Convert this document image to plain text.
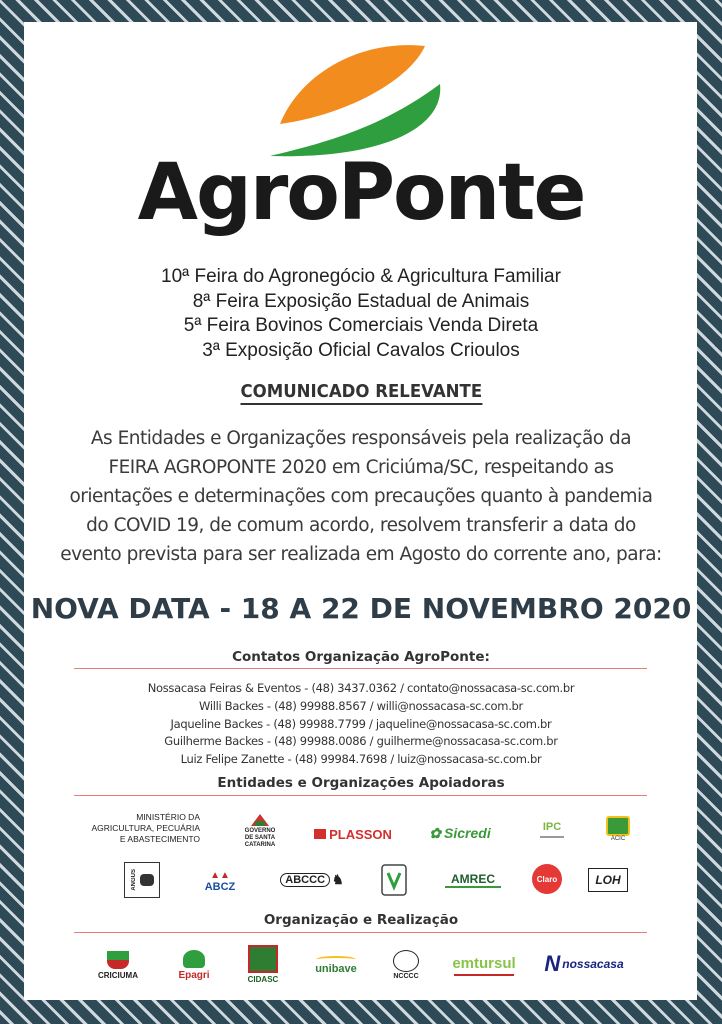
AgroPonte
10ª Feira do Agronegócio & Agricultura Familiar
8ª Feira Exposição Estadual de Animais
5ª Feira Bovinos Comerciais Venda Direta
3ª Exposição Oficial Cavalos Crioulos
COMUNICADO RELEVANTE
As Entidades e Organizações responsáveis pela realização da
FEIRA AGROPONTE 2020 em Criciúma/SC, respeitando as
orientações e determinações com precauções quanto à pandemia
do COVID 19, de comum acordo, resolvem transferir a data do
evento prevista para ser realizada em Agosto do corrente ano, para:
NOVA DATA - 18 A 22 DE NOVEMBRO 2020
Contatos Organização AgroPonte:
Nossacasa Feiras & Eventos - (48) 3437.0362 / contato@nossacasa-sc.com.br
Willi Backes - (48) 99988.8567 / willi@nossacasa-sc.com.br
Jaqueline Backes - (48) 99988.7799 / jaqueline@nossacasa-sc.com.br
Guilherme Backes - (48) 99988.0086 / guilherme@nossacasa-sc.com.br
Luiz Felipe Zanette - (48) 99984.7698 / luiz@nossacasa-sc.com.br
Entidades e Organizações Apoiadoras
MINISTÉRIO DA
AGRICULTURA, PECUÁRIA
E ABASTECIMENTO
GOVERNO
DE SANTA
CATARINA
PLASSON	✿ Sicredi	IPC
ACIC
ANGUS	▲▲
ABCZ
ABCCC ♞	AMREC	Claro	LOH
Organização e Realização
CRICIUMA	Epagri	CIDASC
unibave
NCCCC
emtursul N nossacasa
